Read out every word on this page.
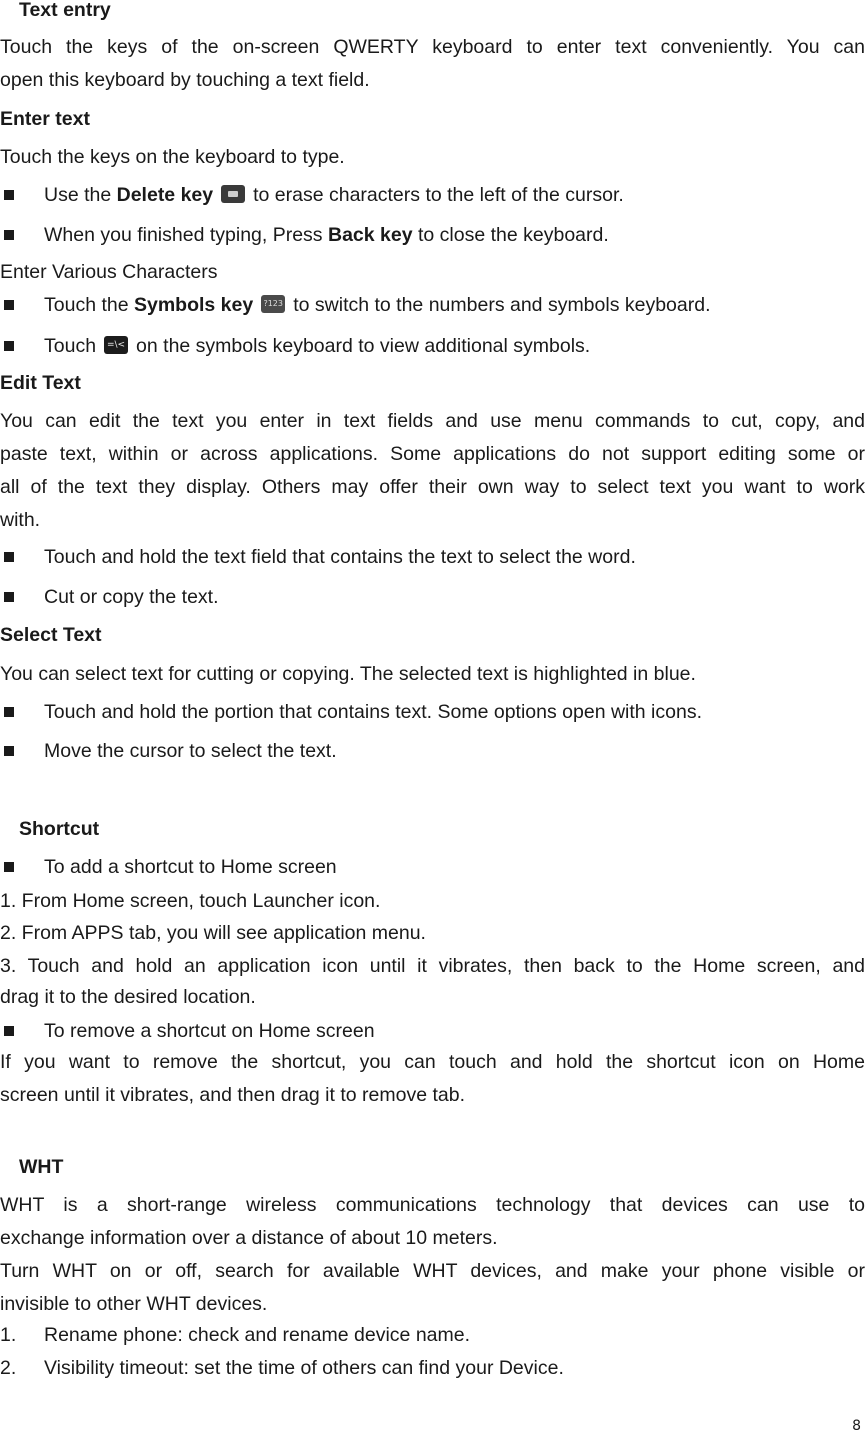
Text entry
Touch the keys of the on-screen QWERTY keyboard to enter text conveniently. You can
open this keyboard by touching a text field.
Enter text
Touch the keys on the keyboard to type.
Use the Delete key to erase characters to the left of the cursor.
When you finished typing, Press Back key to close the keyboard.
Enter Various Characters
Touch the Symbols key ?123 to switch to the numbers and symbols keyboard.
Touch =\< on the symbols keyboard to view additional symbols.
Edit Text
You can edit the text you enter in text fields and use menu commands to cut, copy, and
paste text, within or across applications. Some applications do not support editing some or
all of the text they display. Others may offer their own way to select text you want to work
with.
Touch and hold the text field that contains the text to select the word.
Cut or copy the text.
Select Text
You can select text for cutting or copying. The selected text is highlighted in blue.
Touch and hold the portion that contains text. Some options open with icons.
Move the cursor to select the text.
Shortcut
To add a shortcut to Home screen
1. From Home screen, touch Launcher icon.
2. From APPS tab, you will see application menu.
3. Touch and hold an application icon until it vibrates, then back to the Home screen, and
drag it to the desired location.
To remove a shortcut on Home screen
If you want to remove the shortcut, you can touch and hold the shortcut icon on Home
screen until it vibrates, and then drag it to remove tab.
WHT
WHT is a short-range wireless communications technology that devices can use to
exchange information over a distance of about 10 meters.
Turn WHT on or off, search for available WHT devices, and make your phone visible or
invisible to other WHT devices.
1. Rename phone: check and rename device name.
2. Visibility timeout: set the time of others can find your Device.
8
